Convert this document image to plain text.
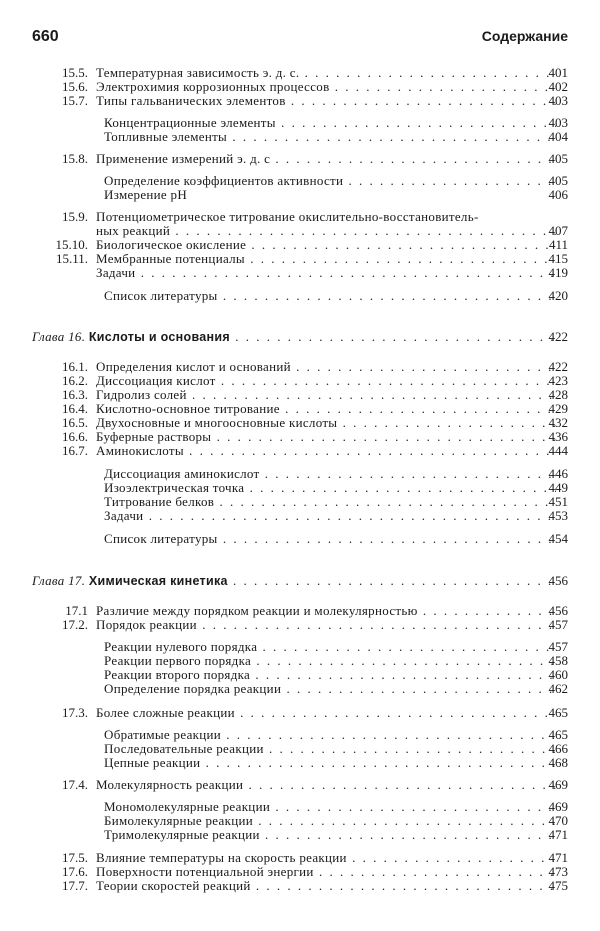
660	Содержание
15.5. Температурная зависимость э. д. с. . . .	401
15.6. Электрохимия коррозионных процессов . . .	402
15.7. Типы гальванических элементов . . .	403
Концентрационные элементы . . .	403
Топливные элементы . . .	404
15.8. Применение измерений э. д. с . . .	405
Определение коэффициентов активности . . .	405
Измерение pH	406
15.9. Потенциометрическое титрование окислительно-восстановитель-
ных реакций . . .	407
15.10. Биологическое окисление . . .	411
15.11. Мембранные потенциалы . . .	415
Задачи . . .	419
Список литературы . . .	420
Глава 16. Кислоты и основания . . .	422
16.1. Определения кислот и оснований . . .	422
16.2. Диссоциация кислот . . .	423
16.3. Гидролиз солей . . .	428
16.4. Кислотно-основное титрование . . .	429
16.5. Двухосновные и многоосновные кислоты . . .	432
16.6. Буферные растворы . . .	436
16.7. Аминокислоты . . .	444
Диссоциация аминокислот . . .	446
Изоэлектрическая точка . . .	449
Титрование белков . . .	451
Задачи . . .	453
Список литературы . . .	454
Глава 17. Химическая кинетика . . .	456
17.1 Различие между порядком реакции и молекулярностью . . .	456
17.2. Порядок реакции . . .	457
Реакции нулевого порядка . . .	457
Реакции первого порядка . . .	458
Реакции второго порядка . . .	460
Определение порядка реакции . . .	462
17.3. Более сложные реакции . . .	465
Обратимые реакции . . .	465
Последовательные реакции . . .	466
Цепные реакции . . .	468
17.4. Молекулярность реакции . . .	469
Мономолекулярные реакции . . .	469
Бимолекулярные реакции . . .	470
Тримолекулярные реакции . . .	471
17.5. Влияние температуры на скорость реакции . . .	471
17.6. Поверхности потенциальной энергии . . .	473
17.7. Теории скоростей реакций . . .	475
